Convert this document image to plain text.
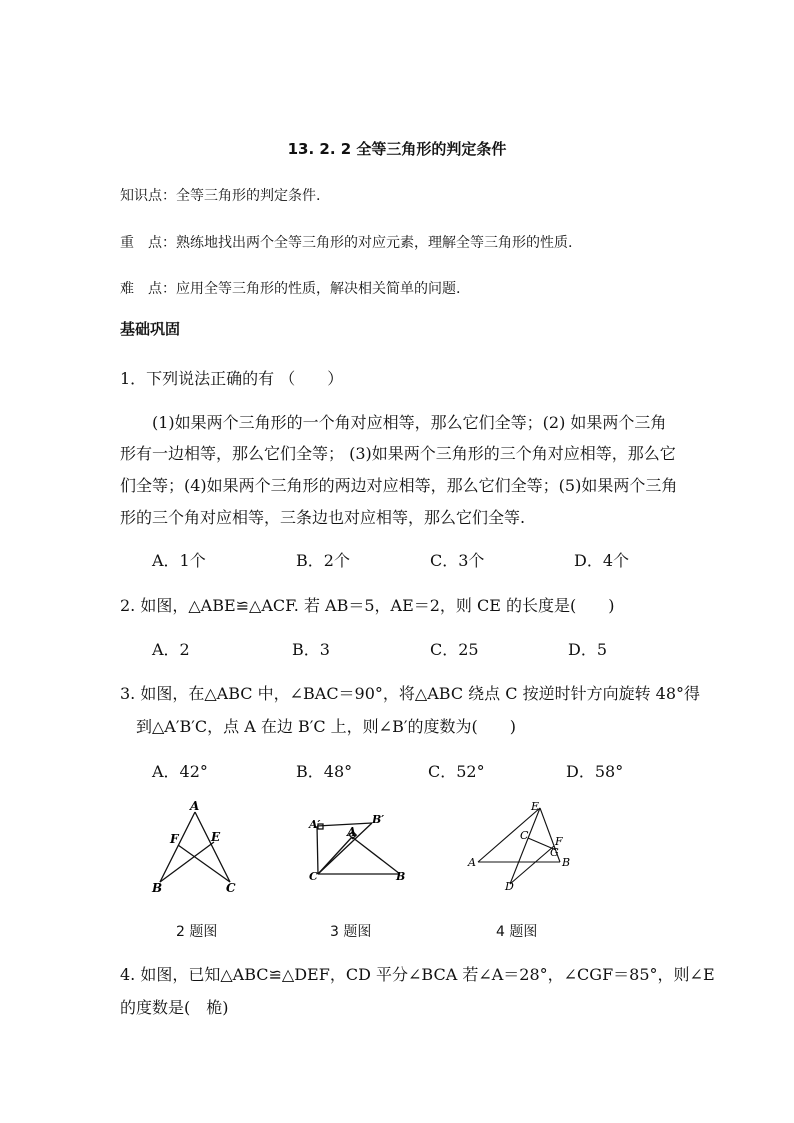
13. 2. 2 全等三角形的判定条件
知识点：全等三角形的判定条件.
重　点：熟练地找出两个全等三角形的对应元素，理解全等三角形的性质.
难　点：应用全等三角形的性质，解决相关简单的问题.
基础巩固
1．下列说法正确的有 （　　）
(1)如果两个三角形的一个角对应相等，那么它们全等；(2) 如果两个三角
形有一边相等，那么它们全等； (3)如果两个三角形的三个角对应相等，那么它
们全等；(4)如果两个三角形的两边对应相等，那么它们全等；(5)如果两个三角
形的三个角对应相等，三条边也对应相等，那么它们全等.
A．1个	B．2个	C．3个	D．4个
2. 如图，△ABE≌△ACF. 若 AB＝5，AE＝2，则 CE 的长度是(　　)
A．2	B．3	C．25	D．5
3. 如图，在△ABC 中，∠BAC＝90°，将△ABC 绕点 C 按逆时针方向旋转 48°得
到△A′B′C，点 A 在边 B′C 上，则∠B′的度数为(　　)
A．42°	B．48°	C．52°	D．58°
A
F	E
B	C
A′	B′
A
C	B
E
C F
G
A	B
D
2 题图	3 题图	4 题图
4. 如图，已知△ABC≌△DEF，CD 平分∠BCA 若∠A＝28°，∠CGF＝85°，则∠E
的度数是(　桅)
